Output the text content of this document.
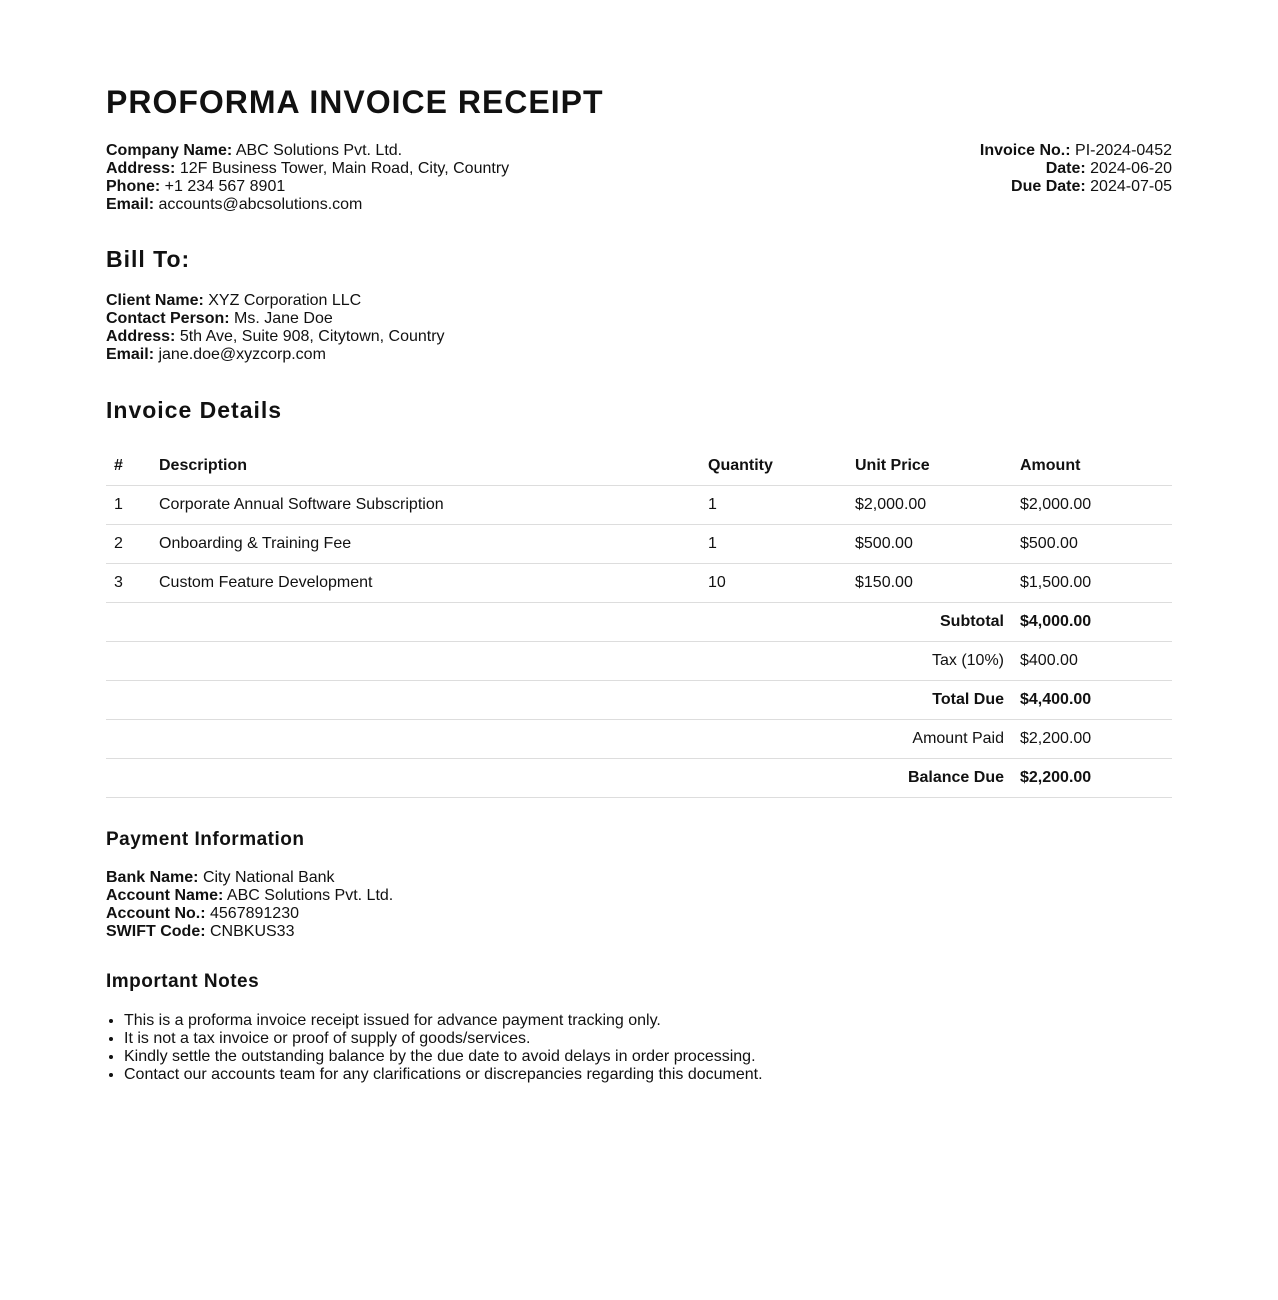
PROFORMA INVOICE RECEIPT
Company Name: ABC Solutions Pvt. Ltd.
Address: 12F Business Tower, Main Road, City, Country
Phone: +1 234 567 8901
Email: accounts@abcsolutions.com
Invoice No.: PI-2024-0452
Date: 2024-06-20
Due Date: 2024-07-05
Bill To:
Client Name: XYZ Corporation LLC
Contact Person: Ms. Jane Doe
Address: 5th Ave, Suite 908, Citytown, Country
Email: jane.doe@xyzcorp.com
Invoice Details
#	Description	Quantity	Unit Price	Amount
1	Corporate Annual Software Subscription	1	$2,000.00	$2,000.00
2	Onboarding & Training Fee	1	$500.00	$500.00
3	Custom Feature Development	10	$150.00	$1,500.00
Subtotal				$4,000.00
Tax (10%)				$400.00
Total Due				$4,400.00
Amount Paid				$2,200.00
Balance Due				$2,200.00
Payment Information
Bank Name: City National Bank
Account Name: ABC Solutions Pvt. Ltd.
Account No.: 4567891230
SWIFT Code: CNBKUS33
Important Notes
• This is a proforma invoice receipt issued for advance payment tracking only.
• It is not a tax invoice or proof of supply of goods/services.
• Kindly settle the outstanding balance by the due date to avoid delays in order processing.
• Contact our accounts team for any clarifications or discrepancies regarding this document.
